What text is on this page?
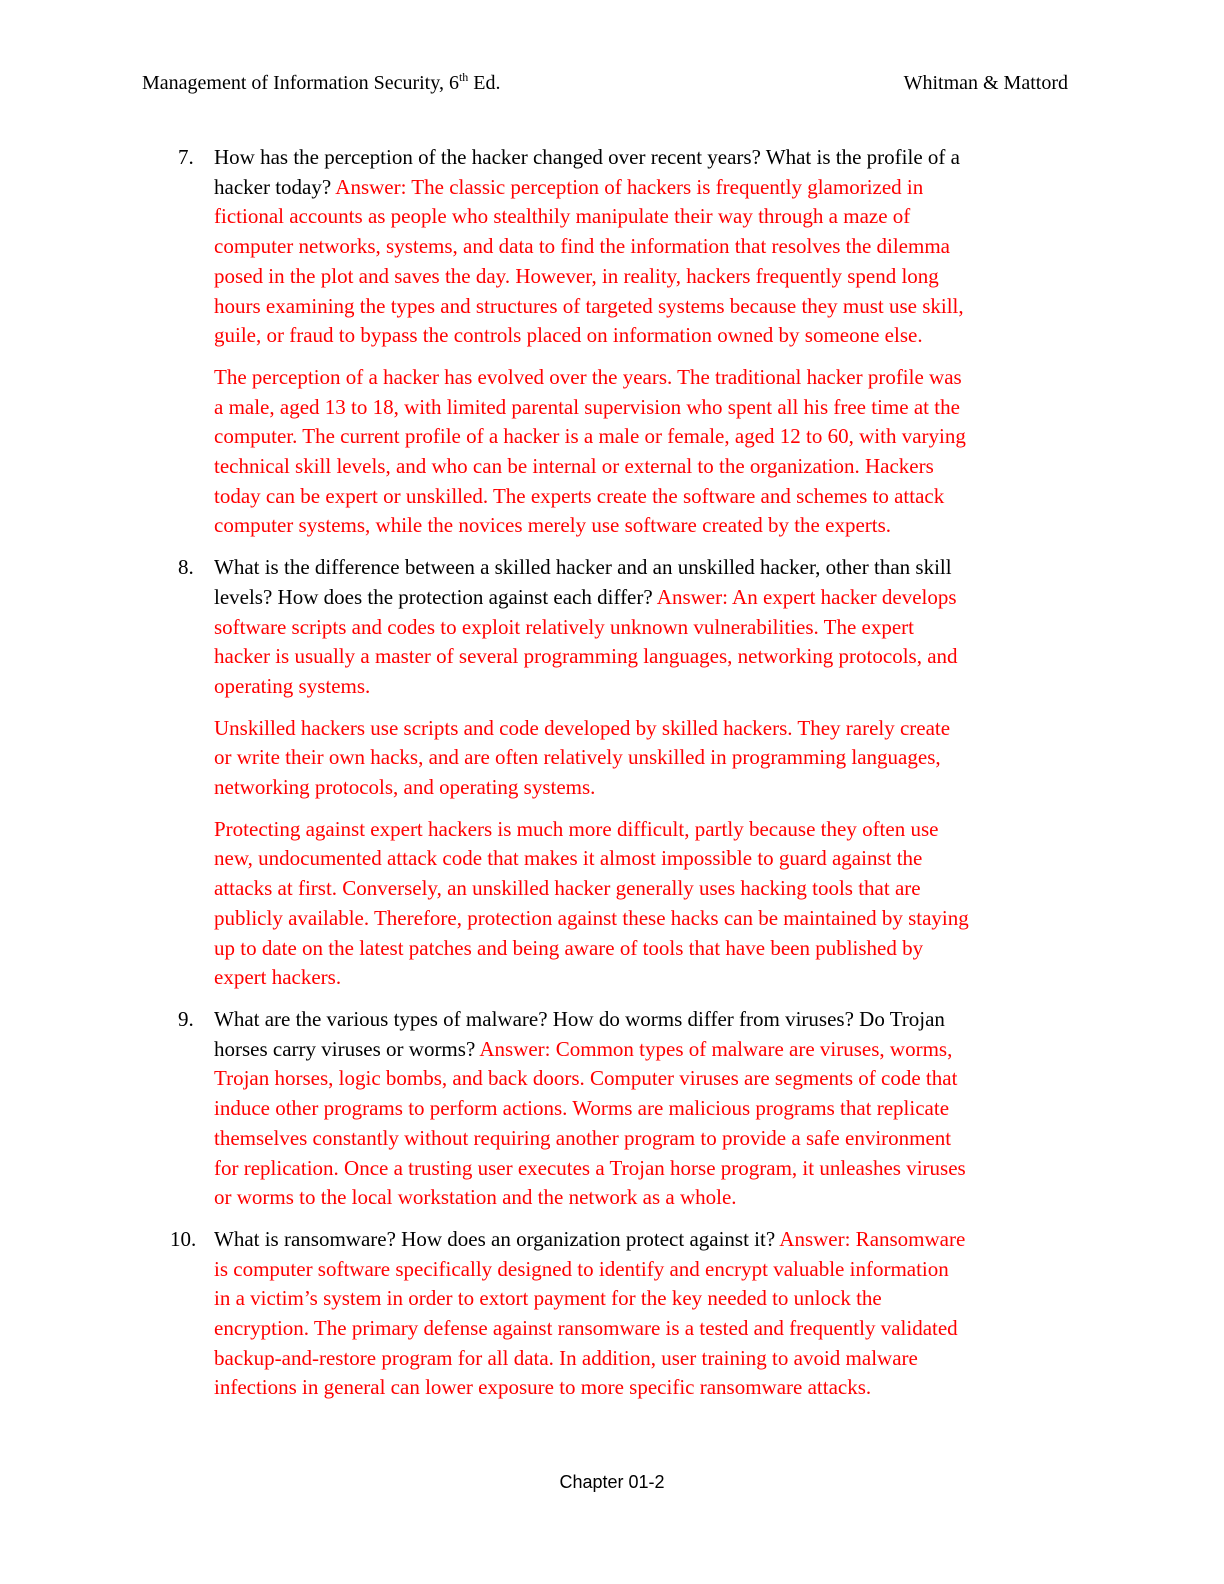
Management of Information Security, 6th Ed.	Whitman & Mattord
7. How has the perception of the hacker changed over recent years? What is the profile of a
hacker today? Answer: The classic perception of hackers is frequently glamorized in
fictional accounts as people who stealthily manipulate their way through a maze of
computer networks, systems, and data to find the information that resolves the dilemma
posed in the plot and saves the day. However, in reality, hackers frequently spend long
hours examining the types and structures of targeted systems because they must use skill,
guile, or fraud to bypass the controls placed on information owned by someone else.
The perception of a hacker has evolved over the years. The traditional hacker profile was
a male, aged 13 to 18, with limited parental supervision who spent all his free time at the
computer. The current profile of a hacker is a male or female, aged 12 to 60, with varying
technical skill levels, and who can be internal or external to the organization. Hackers
today can be expert or unskilled. The experts create the software and schemes to attack
computer systems, while the novices merely use software created by the experts.
8. What is the difference between a skilled hacker and an unskilled hacker, other than skill
levels? How does the protection against each differ? Answer: An expert hacker develops
software scripts and codes to exploit relatively unknown vulnerabilities. The expert
hacker is usually a master of several programming languages, networking protocols, and
operating systems.
Unskilled hackers use scripts and code developed by skilled hackers. They rarely create
or write their own hacks, and are often relatively unskilled in programming languages,
networking protocols, and operating systems.
Protecting against expert hackers is much more difficult, partly because they often use
new, undocumented attack code that makes it almost impossible to guard against the
attacks at first. Conversely, an unskilled hacker generally uses hacking tools that are
publicly available. Therefore, protection against these hacks can be maintained by staying
up to date on the latest patches and being aware of tools that have been published by
expert hackers.
9. What are the various types of malware? How do worms differ from viruses? Do Trojan
horses carry viruses or worms? Answer: Common types of malware are viruses, worms,
Trojan horses, logic bombs, and back doors. Computer viruses are segments of code that
induce other programs to perform actions. Worms are malicious programs that replicate
themselves constantly without requiring another program to provide a safe environment
for replication. Once a trusting user executes a Trojan horse program, it unleashes viruses
or worms to the local workstation and the network as a whole.
10. What is ransomware? How does an organization protect against it? Answer: Ransomware
is computer software specifically designed to identify and encrypt valuable information
in a victim’s system in order to extort payment for the key needed to unlock the
encryption. The primary defense against ransomware is a tested and frequently validated
backup-and-restore program for all data. In addition, user training to avoid malware
infections in general can lower exposure to more specific ransomware attacks.
Chapter 01-2
